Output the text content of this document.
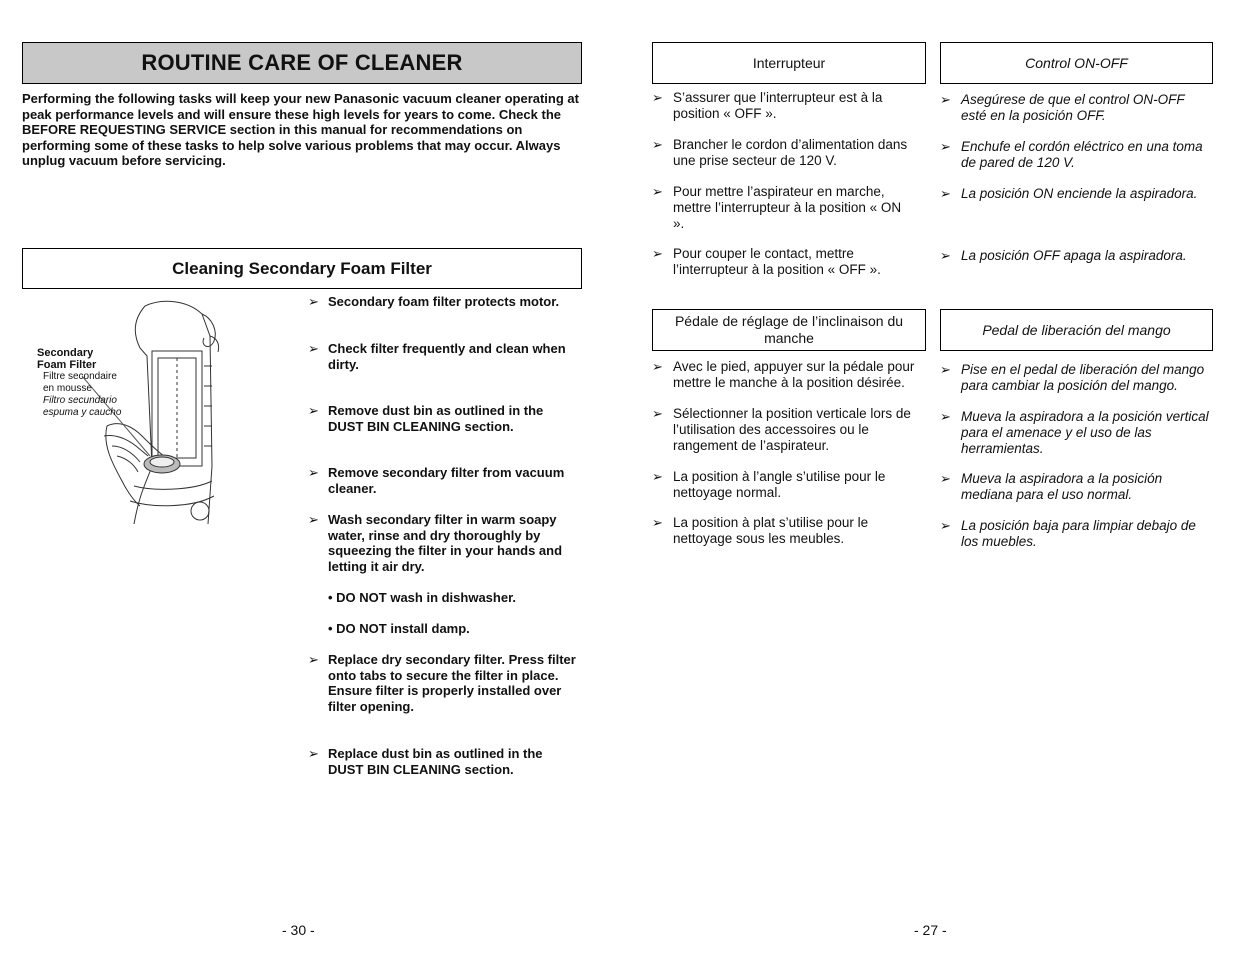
ROUTINE CARE OF CLEANER
Performing the following tasks will keep your new Panasonic vacuum cleaner operating at peak performance levels and will ensure these high levels for years to come. Check the BEFORE REQUESTING SERVICE section in this manual for recommendations on performing some of these tasks to help solve various problems that may occur. Always unplug vacuum before servicing.
Cleaning Secondary Foam Filter
Secondary
Foam Filter
Filtre secondaire
en mousse
Filtro secundario
espuma y caucho
➢ Secondary foam filter protects motor.
➢ Check filter frequently and clean when dirty.
➢ Remove dust bin as outlined in the DUST BIN CLEANING section.
➢ Remove secondary filter from vacuum cleaner.
➢ Wash secondary filter in warm soapy water, rinse and dry thoroughly by squeezing the filter in your hands and letting it air dry.
• DO NOT wash in dishwasher.
• DO NOT install damp.
➢ Replace dry secondary filter. Press filter onto tabs to secure the filter in place. Ensure filter is properly installed over filter opening.
➢ Replace dust bin as outlined in the DUST BIN CLEANING section.
- 30 -
Interrupteur
➢ S’assurer que l’interrupteur est à la position « OFF ».
➢ Brancher le cordon d’alimentation dans une prise secteur de 120 V.
➢ Pour mettre l’aspirateur en marche, mettre l’interrupteur à la position « ON ».
➢ Pour couper le contact, mettre l’interrupteur à la position « OFF ».
Pédale de réglage de l’inclinaison du manche
➢ Avec le pied, appuyer sur la pédale pour mettre le manche à la position désirée.
➢ Sélectionner la position verticale lors de l’utilisation des accessoires ou le rangement de l’aspirateur.
➢ La position à l’angle s’utilise pour le nettoyage normal.
➢ La position à plat s’utilise pour le nettoyage sous les meubles.
Control ON-OFF
➢ Asegúrese de que el control ON-OFF esté en la posición OFF.
➢ Enchufe el cordón eléctrico en una toma de pared de 120 V.
➢ La posición ON enciende la aspiradora.
➢ La posición OFF apaga la aspiradora.
Pedal de liberación del mango
➢ Pise en el pedal de liberación del mango para cambiar la posición del mango.
➢ Mueva la aspiradora a la posición vertical para el amenace y el uso de las herramientas.
➢ Mueva la aspiradora a la posición mediana para el uso normal.
➢ La posición baja para limpiar debajo de los muebles.
- 27 -
